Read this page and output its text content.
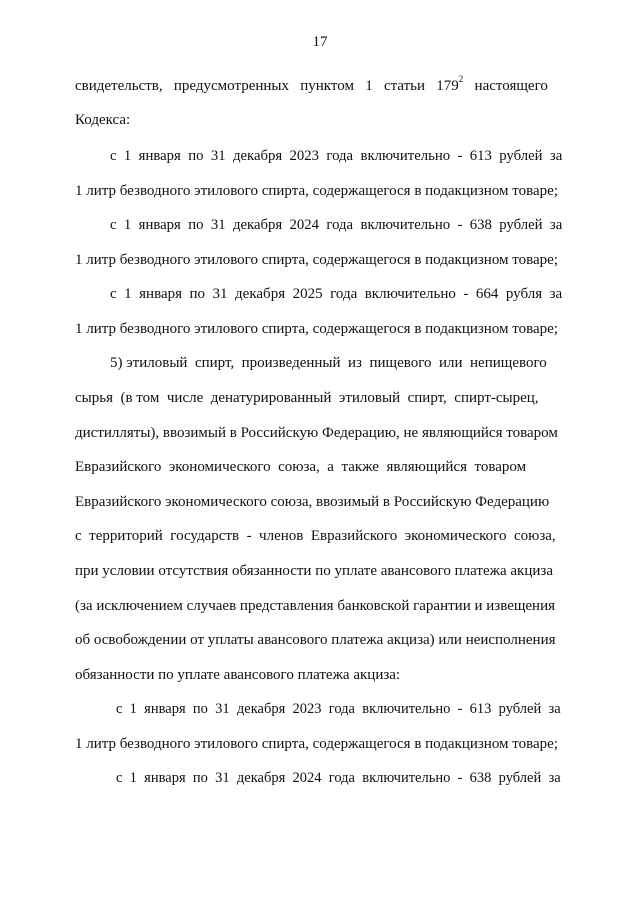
17
свидетельств,   предусмотренных   пунктом   1   статьи   $179^2$   настоящего
Кодекса:
с  1  января  по  31  декабря  2023  года  включительно  -  613  рублей  за
1 литр безводного этилового спирта, содержащегося в подакцизном товаре;
с  1  января  по  31  декабря  2024  года  включительно  -  638  рублей  за
1 литр безводного этилового спирта, содержащегося в подакцизном товаре;
с  1  января  по  31  декабря  2025  года  включительно  -  664  рубля  за
1 литр безводного этилового спирта, содержащегося в подакцизном товаре;
5) этиловый  спирт,  произведенный  из  пищевого  или  непищевого
сырья  (в том  числе  денатурированный  этиловый  спирт,  спирт-сырец,
дистилляты), ввозимый в Российскую Федерацию, не являющийся товаром
Евразийского  экономического  союза,  а  также  являющийся  товаром
Евразийского экономического союза, ввозимый в Российскую Федерацию
с  территорий  государств  -  членов  Евразийского  экономического  союза,
при условии отсутствия обязанности по уплате авансового платежа акциза
(за исключением случаев представления банковской гарантии и извещения
об освобождении от уплаты авансового платежа акциза) или неисполнения
обязанности по уплате авансового платежа акциза:
с  1  января  по  31  декабря  2023  года  включительно  -  613  рублей  за
1 литр безводного этилового спирта, содержащегося в подакцизном товаре;
с  1  января  по  31  декабря  2024  года  включительно  -  638  рублей  за
